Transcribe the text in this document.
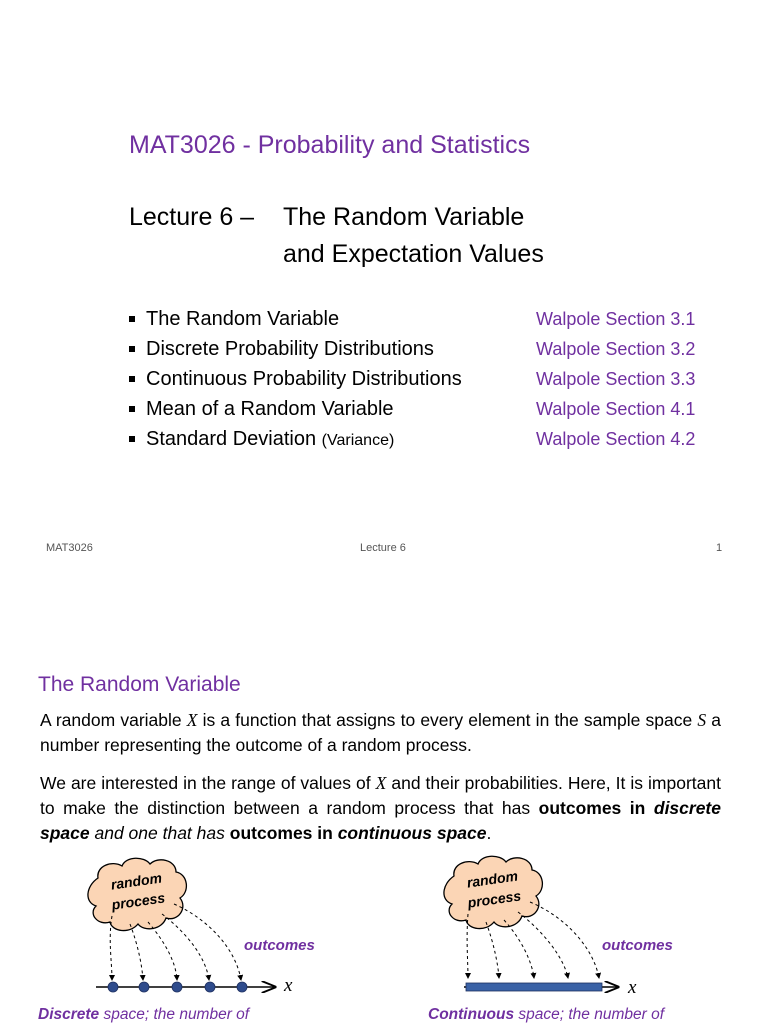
MAT3026 - Probability and Statistics
Lecture 6 – The Random Variable
and Expectation Values
The Random Variable	Walpole Section 3.1
Discrete Probability Distributions	Walpole Section 3.2
Continuous Probability Distributions	Walpole Section 3.3
Mean of a Random Variable	Walpole Section 4.1
Standard Deviation (Variance)	Walpole Section 4.2
MAT3026	Lecture 6	1
The Random Variable
A random variable X is a function that assigns to every element in the sample space S a number representing the outcome of a random process.
We are interested in the range of values of X and their probabilities. Here, It is important to make the distinction between a random process that has outcomes in discrete space and one that has outcomes in continuous space.
random
process
outcomes
x
random
process
outcomes
x
Discrete space; the number of	Continuous space; the number of
